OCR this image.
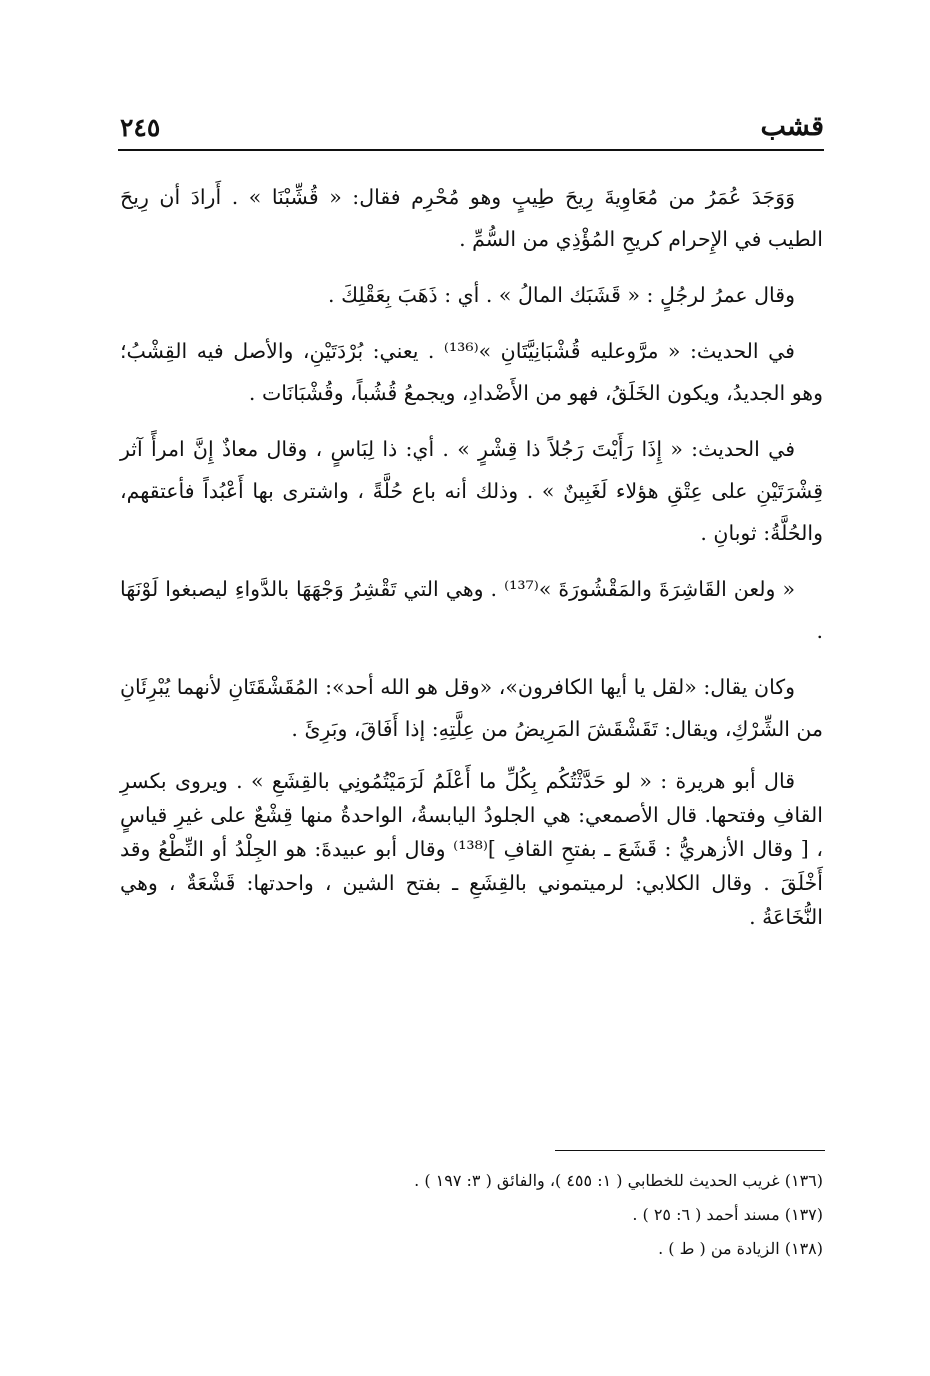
قشب
٢٤٥

وَوَجَدَ عُمَرُ من مُعَاوِيةَ رِيحَ طِيبٍ وهو مُحْرِم فقال: « قُشِّبْنَا » . أَرادَ أن رِيحَ الطيب في الإِحرام كريحِ المُؤْذِي من السُّمِّ .

وقال عمرُ لرجُلٍ : « قَشَبَك المالُ » . أي : ذَهَبَ بِعَقْلِكَ .

في الحديث: « مرَّوعليه قُشْبَانِيَّتَانِ »⁽¹³⁶⁾ . يعني: بُرْدَتَيْنِ، والأصل فيه القِشْبُ؛ وهو الجديدُ، ويكون الخَلَقُ، فهو من الأَضْدادِ، ويجمعُ قُشُباً، وقُشْبَانَات .

في الحديث: « إِذَا رَأَيْتَ رَجُلاً ذا قِشْرٍ » . أي: ذا لِبَاسٍ ، وقال معاذٌ إِنَّ امرأً آثر قِشْرَتَيْنِ على عِتْقِ هؤلاء لَغَبِينٌ » . وذلك أنه باع حُلَّةً ، واشترى بها أَعْبُداً فأعتقهم، والحُلَّةُ: ثوبانِ .

« ولعن القَاشِرَةَ والمَقْشُورَةَ »⁽¹³⁷⁾ . وهي التي تَقْشِرُ وَجْهَهَا بالدَّواءِ ليصبغوا لَوْنَهَا .

وكان يقال: «لقل يا أيها الكافرون»، «وقل هو الله أحد»: المُقَشْقَتَانِ لأنهما يُبْرِئَانِ من الشِّرْكِ، ويقال: تَقَشْقَشَ المَرِيضُ من عِلَّتِهِ: إذا أَفَاقَ، وبَرِئَ .

قال أبو هريرة : « لو حَدَّثْتُكُم بِكُلِّ ما أَعْلَمُ لَرَمَيْتُمُونِي بالقِشَعِ » . ويروى بكسرِ القافِ وفتحها. قال الأصمعي: هي الجلودُ اليابسةُ، الواحدةُ منها قِشْعٌ على غيرِ قياسٍ ، [ وقال الأزهريُّ : قَشَعَ ـ بفتحِ القافِ ]⁽¹³⁸⁾ وقال أبو عبيدةَ: هو الجِلْدُ أو النِّطْعُ وقد أَخْلَقَ . وقال الكلابي: لرميتموني بالقِشَعِ ـ بفتح الشين ، واحدتها: قَشْعَةٌ ، وهي النُّخَاعَةُ .

(١٣٦) غريب الحديث للخطابي ( ١: ٤٥٥ )، والفائق ( ٣: ١٩٧ ) .

(١٣٧) مسند أحمد ( ٦: ٢٥ ) .

(١٣٨) الزيادة من ( ط ) .
